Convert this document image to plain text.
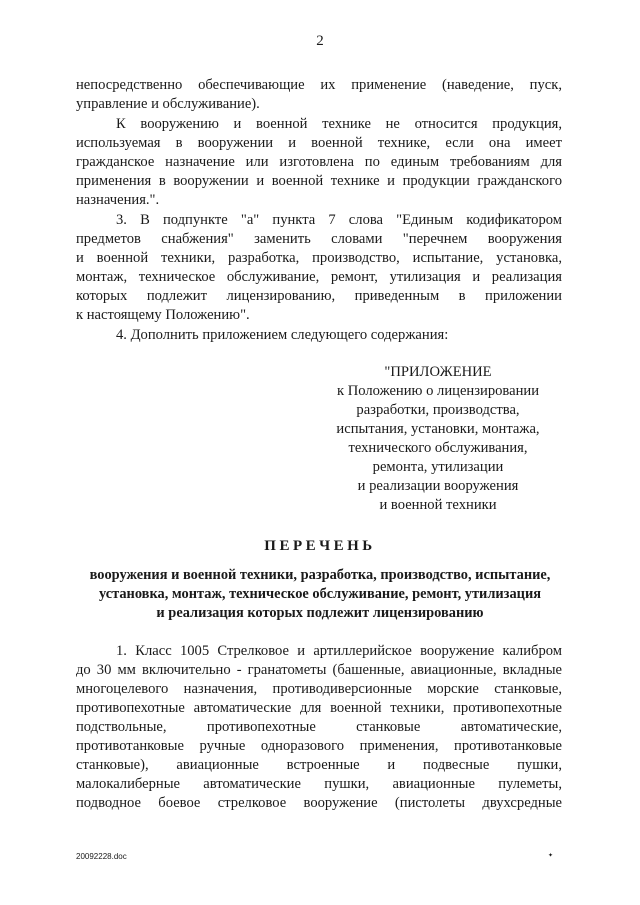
2
непосредственно обеспечивающие их применение (наведение, пуск,
управление и обслуживание).
К вооружению и военной технике не относится продукция,
используемая в вооружении и военной технике, если она имеет
гражданское назначение или изготовлена по единым требованиям для
применения в вооружении и военной технике и продукции гражданского
назначения.".
3. В подпункте "а" пункта 7 слова "Единым кодификатором
предметов снабжения" заменить словами "перечнем вооружения
и военной техники, разработка, производство, испытание, установка,
монтаж, техническое обслуживание, ремонт, утилизация и реализация
которых подлежит лицензированию, приведенным в приложении
к настоящему Положению".
4. Дополнить приложением следующего содержания:
"ПРИЛОЖЕНИЕ
к Положению о лицензировании
разработки, производства,
испытания, установки, монтажа,
технического обслуживания,
ремонта, утилизации
и реализации вооружения
и военной техники
ПЕРЕЧЕНЬ
вооружения и военной техники, разработка, производство, испытание,
установка, монтаж, техническое обслуживание, ремонт, утилизация
и реализация которых подлежит лицензированию
1. Класс 1005 Стрелковое и артиллерийское вооружение калибром
до 30 мм включительно - гранатометы (башенные, авиационные, вкладные
многоцелевого назначения, противодиверсионные морские станковые,
противопехотные автоматические для военной техники, противопехотные
подствольные, противопехотные станковые автоматические,
противотанковые ручные одноразового применения, противотанковые
станковые), авиационные встроенные и подвесные пушки,
малокалиберные автоматические пушки, авиационные пулеметы,
подводное боевое стрелковое вооружение (пистолеты двухсредные
20092228.doc	✦
